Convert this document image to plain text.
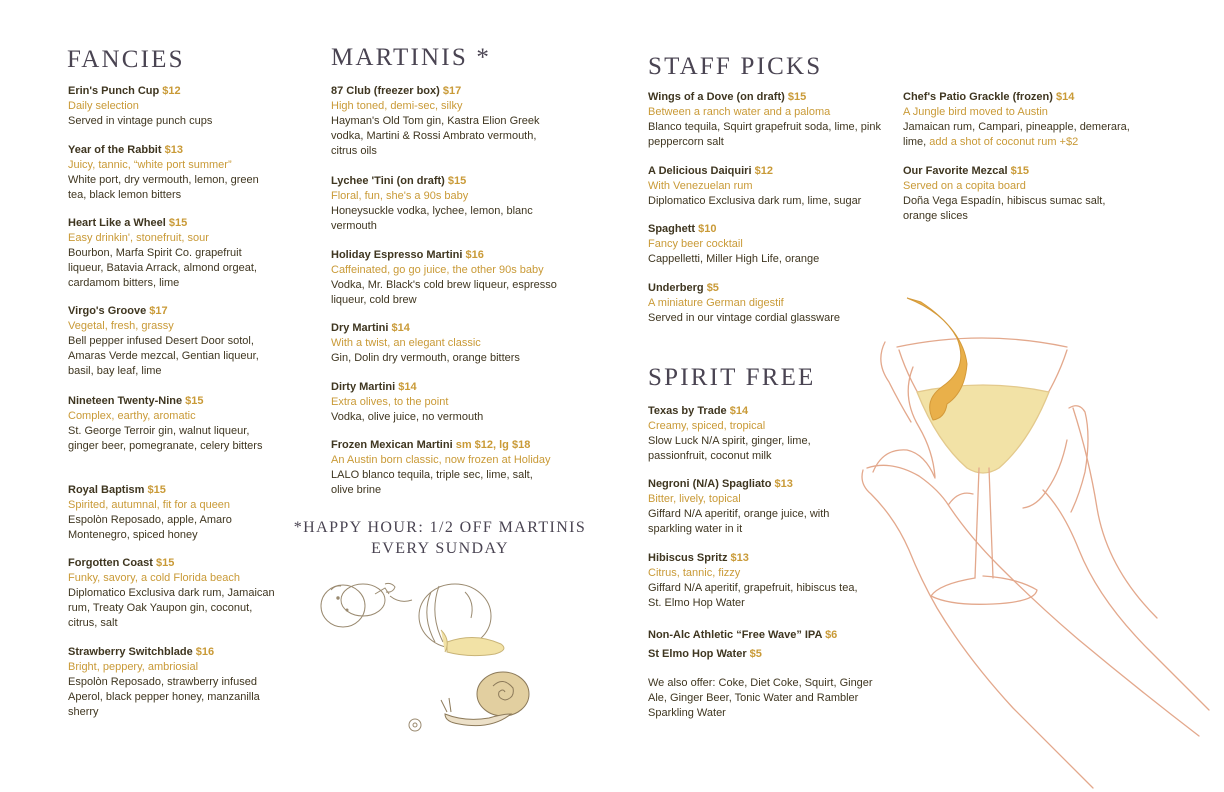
FANCIES
Erin's Punch Cup $12
Daily selection
Served in vintage punch cups
Year of the Rabbit $13
Juicy, tannic, “white port summer”
White port, dry vermouth, lemon, green tea, black lemon bitters
Heart Like a Wheel $15
Easy drinkin', stonefruit, sour
Bourbon, Marfa Spirit Co. grapefruit liqueur, Batavia Arrack, almond orgeat, cardamom bitters, lime
Virgo's Groove $17
Vegetal, fresh, grassy
Bell pepper infused Desert Door sotol, Amaras Verde mezcal, Gentian liqueur, basil, bay leaf, lime
Nineteen Twenty-Nine $15
Complex, earthy, aromatic
St. George Terroir gin, walnut liqueur, ginger beer, pomegranate, celery bitters
Royal Baptism $15
Spirited, autumnal, fit for a queen
Espolòn Reposado, apple, Amaro Montenegro, spiced honey
Forgotten Coast $15
Funky, savory, a cold Florida beach
Diplomatico Exclusiva dark rum, Jamaican rum, Treaty Oak Yaupon gin, coconut, citrus, salt
Strawberry Switchblade $16
Bright, peppery, ambriosial
Espolòn Reposado, strawberry infused Aperol, black pepper honey, manzanilla sherry
MARTINIS *
87 Club (freezer box) $17
High toned, demi-sec, silky
Hayman's Old Tom gin, Kastra Elion Greek vodka, Martini & Rossi Ambrato vermouth, citrus oils
Lychee 'Tini (on draft) $15
Floral, fun, she's a 90s baby
Honeysuckle vodka, lychee, lemon, blanc vermouth
Holiday Espresso Martini $16
Caffeinated, go go juice, the other 90s baby
Vodka, Mr. Black's cold brew liqueur, espresso liqueur, cold brew
Dry Martini $14
With a twist, an elegant classic
Gin, Dolin dry vermouth, orange bitters
Dirty Martini $14
Extra olives, to the point
Vodka, olive juice, no vermouth
Frozen Mexican Martini sm $12, lg $18
An Austin born classic, now frozen at Holiday
LALO blanco tequila, triple sec, lime, salt, olive brine
*HAPPY HOUR: 1/2 OFF MARTINIS EVERY SUNDAY
STAFF PICKS
Wings of a Dove (on draft) $15
Between a ranch water and a paloma
Blanco tequila, Squirt grapefruit soda, lime, pink peppercorn salt
A Delicious Daiquiri $12
With Venezuelan rum
Diplomatico Exclusiva dark rum, lime, sugar
Spaghett $10
Fancy beer cocktail
Cappelletti, Miller High Life, orange
Underberg $5
A miniature German digestif
Served in our vintage cordial glassware
Chef's Patio Grackle (frozen) $14
A Jungle bird moved to Austin
Jamaican rum, Campari, pineapple, demerara, lime, add a shot of coconut rum +$2
Our Favorite Mezcal $15
Served on a copita board
Doña Vega Espadín, hibiscus sumac salt, orange slices
SPIRIT FREE
Texas by Trade $14
Creamy, spiced, tropical
Slow Luck N/A spirit, ginger, lime, passionfruit, coconut milk
Negroni (N/A) Spagliato $13
Bitter, lively, topical
Giffard N/A aperitif, orange juice, with sparkling water in it
Hibiscus Spritz $13
Citrus, tannic, fizzy
Giffard N/A aperitif, grapefruit, hibiscus tea, St. Elmo Hop Water
Non-Alc Athletic “Free Wave” IPA $6
St Elmo Hop Water $5
We also offer: Coke, Diet Coke, Squirt, Ginger Ale, Ginger Beer, Tonic Water and Rambler Sparkling Water
